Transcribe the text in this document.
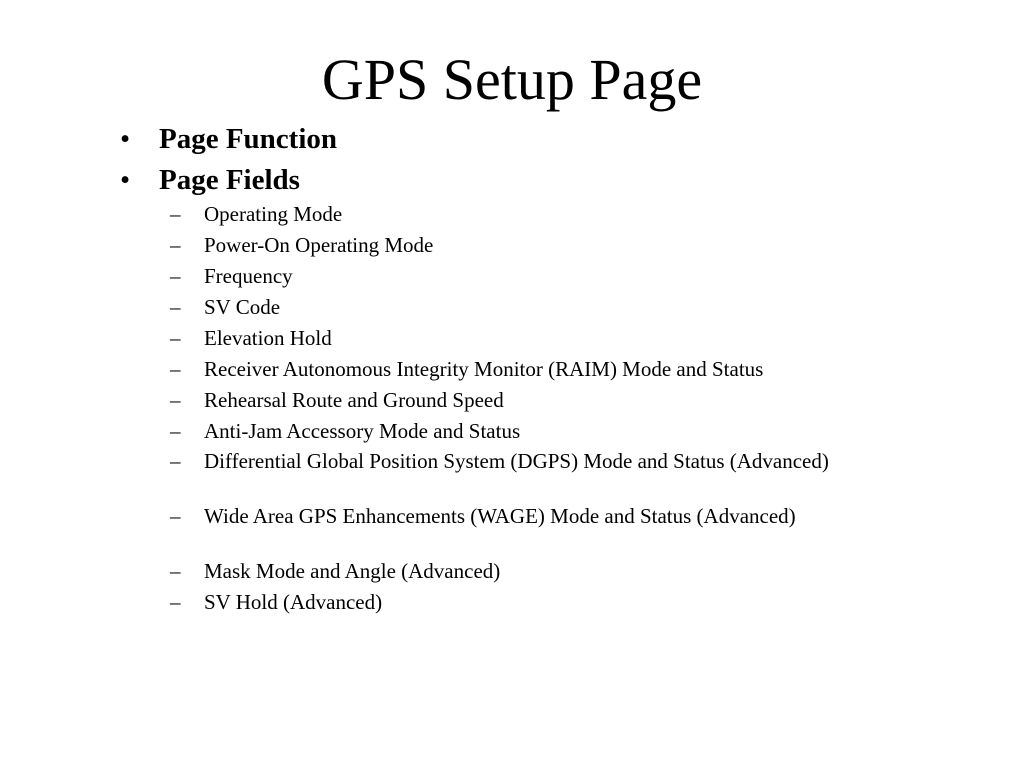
GPS Setup Page
• Page Function
• Page Fields
– Operating Mode
– Power-On Operating Mode
– Frequency
– SV Code
– Elevation Hold
– Receiver Autonomous Integrity Monitor (RAIM) Mode and Status
– Rehearsal Route and Ground Speed
– Anti-Jam Accessory Mode and Status
– Differential Global Position System (DGPS) Mode and Status (Advanced)
– Wide Area GPS Enhancements (WAGE) Mode and Status (Advanced)
– Mask Mode and Angle (Advanced)
– SV Hold (Advanced)
